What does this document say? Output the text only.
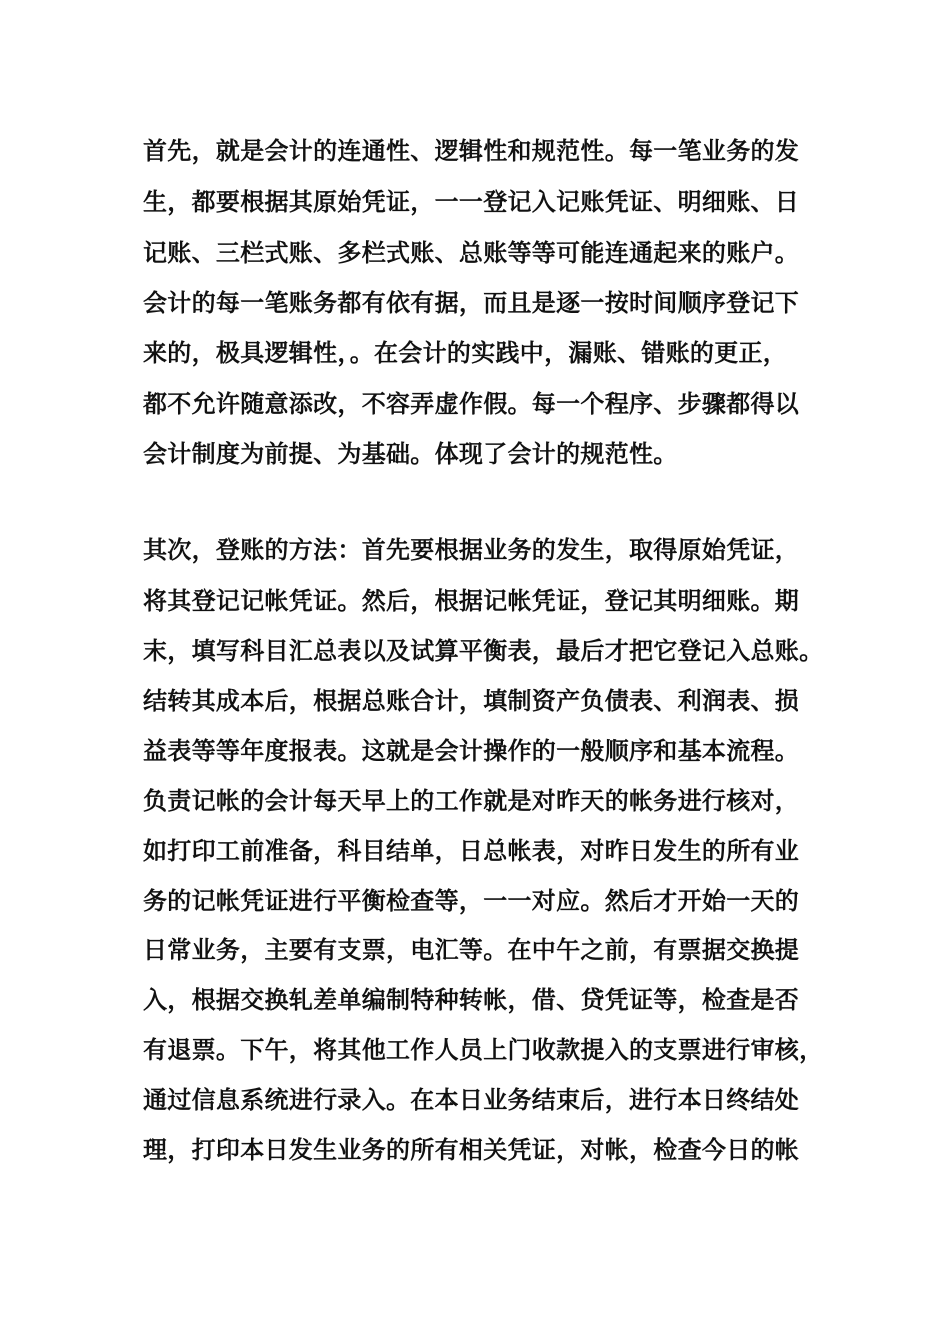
首先，就是会计的连通性、逻辑性和规范性。每一笔业务的发
生，都要根据其原始凭证，一一登记入记账凭证、明细账、日
记账、三栏式账、多栏式账、总账等等可能连通起来的账户。
会计的每一笔账务都有依有据，而且是逐一按时间顺序登记下
来的，极具逻辑性，。在会计的实践中，漏账、错账的更正，
都不允许随意添改，不容弄虚作假。每一个程序、步骤都得以
会计制度为前提、为基础。体现了会计的规范性。
其次，登账的方法：首先要根据业务的发生，取得原始凭证，
将其登记记帐凭证。然后，根据记帐凭证，登记其明细账。期
末，填写科目汇总表以及试算平衡表，最后才把它登记入总账。
结转其成本后，根据总账合计，填制资产负债表、利润表、损
益表等等年度报表。这就是会计操作的一般顺序和基本流程。
负责记帐的会计每天早上的工作就是对昨天的帐务进行核对，
如打印工前准备，科目结单，日总帐表，对昨日发生的所有业
务的记帐凭证进行平衡检查等，一一对应。然后才开始一天的
日常业务，主要有支票，电汇等。在中午之前，有票据交换提
入，根据交换轧差单编制特种转帐，借、贷凭证等，检查是否
有退票。下午，将其他工作人员上门收款提入的支票进行审核，
通过信息系统进行录入。在本日业务结束后，进行本日终结处
理，打印本日发生业务的所有相关凭证，对帐，检查今日的帐
